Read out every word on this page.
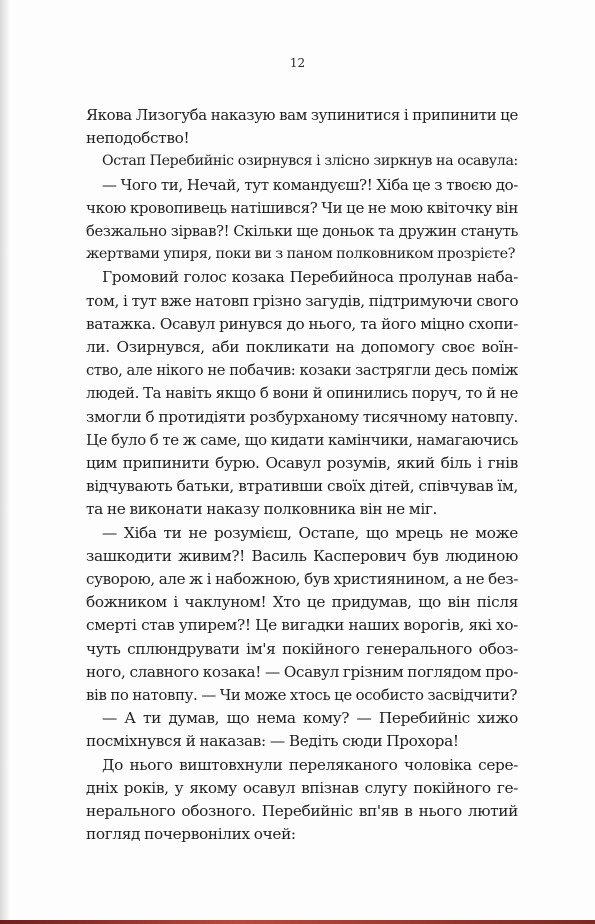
12
Якова Лизогуба наказую вам зупинитися і припинити це
неподобство!
Остап Перебийніс озирнувся і злісно зиркнув на осавула:
— Чого ти, Нечай, тут командуєш?! Хіба це з твоєю до-
чкою кровопивець натішився? Чи це не мою квіточку він
безжально зірвав?! Скільки ще доньок та дружин стануть
жертвами упиря, поки ви з паном полковником прозрієте?
Громовий голос козака Перебийноса пролунав наба-
том, і тут вже натовп грізно загудів, підтримуючи свого
ватажка. Осавул ринувся до нього, та його міцно схопи-
ли. Озирнувся, аби покликати на допомогу своє воїн-
ство, але нікого не побачив: козаки застрягли десь поміж
людей. Та навіть якщо б вони й опинились поруч, то й не
змогли б протидіяти розбурханому тисячному натовпу.
Це було б те ж саме, що кидати камінчики, намагаючись
цим припинити бурю. Осавул розумів, який біль і гнів
відчувають батьки, втративши своїх дітей, співчував їм,
та не виконати наказу полковника він не міг.
— Хіба ти не розумієш, Остапе, що мрець не може
зашкодити живим?! Василь Касперович був людиною
суворою, але ж і набожною, був християнином, а не без-
божником і чаклуном! Хто це придумав, що він після
смерті став упирем?! Це вигадки наших ворогів, які хо-
чуть сплюндрувати ім'я покійного генерального обоз-
ного, славного козака! — Осавул грізним поглядом про-
вів по натовпу. — Чи може хтось це особисто засвідчити?
— А ти думав, що нема кому? — Перебийніс хижо
посміхнувся й наказав: — Ведіть сюди Прохора!
До нього виштовхнули переляканого чоловіка сере-
дніх років, у якому осавул впізнав слугу покійного ге-
нерального обозного. Перебийніс вп'яв в нього лютий
погляд почервонілих очей:
